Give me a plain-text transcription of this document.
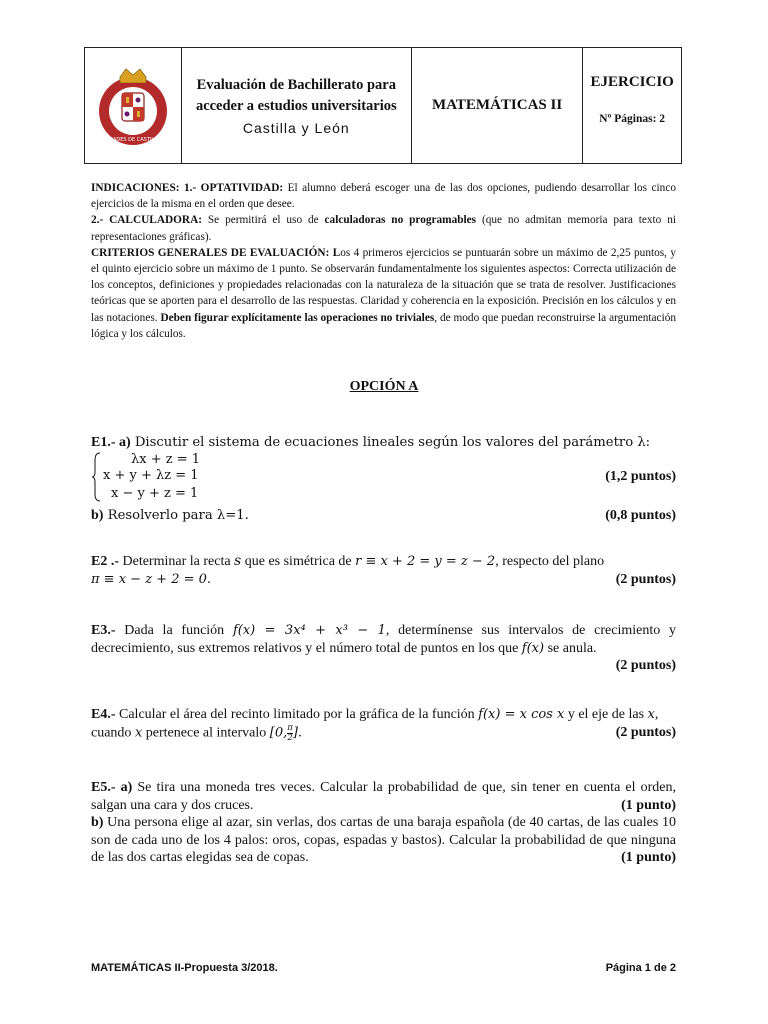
UNIVERSIDADES DE CASTILLA Y LEÓN
Evaluación de Bachillerato para
acceder a estudios universitarios
Castilla y León
MATEMÁTICAS II
EJERCICIO
Nº Páginas: 2

INDICACIONES: 1.- OPTATIVIDAD: El alumno deberá escoger una de las dos opciones, pudiendo desarrollar los cinco ejercicios de la misma en el orden que desee.

2.- CALCULADORA: Se permitirá el uso de calculadoras no programables (que no admitan memoria para texto ni representaciones gráficas).

CRITERIOS GENERALES DE EVALUACIÓN: Los 4 primeros ejercicios se puntuarán sobre un máximo de 2,25 puntos, y el quinto ejercicio sobre un máximo de 1 punto. Se observarán fundamentalmente los siguientes aspectos: Correcta utilización de los conceptos, definiciones y propiedades relacionadas con la naturaleza de la situación que se trata de resolver. Justificaciones teóricas que se aporten para el desarrollo de las respuestas. Claridad y coherencia en la exposición. Precisión en los cálculos y en las notaciones. Deben figurar explícitamente las operaciones no triviales, de modo que puedan reconstruirse la argumentación lógica y los cálculos.

OPCIÓN A
E1.- a) Discutir el sistema de ecuaciones lineales según los valores del parámetro λ:
λx + z = 1
x + y + λz = 1	(1,2 puntos)
x − y + z = 1
b) Resolverlo para λ=1.	(0,8 puntos)
E2 .- Determinar la recta s que es simétrica de r ≡ x + 2 = y = z − 2, respecto del plano
π ≡ x − z + 2 = 0.	(2 puntos)
E3.- Dada la función f(x) = 3x⁴ + x³ − 1, determínense sus intervalos de crecimiento y decrecimiento, sus extremos relativos y el número total de puntos en los que f(x) se anula.
(2 puntos)
E4.- Calcular el área del recinto limitado por la gráfica de la función f(x) = x cos x y el eje de las x, cuando x pertenece al intervalo [0, $\frac{\pi}{2}$ ].	(2 puntos)
E5.- a) Se tira una moneda tres veces. Calcular la probabilidad de que, sin tener en cuenta el orden, salgan una cara y dos cruces.	(1 punto)
b) Una persona elige al azar, sin verlas, dos cartas de una baraja española (de 40 cartas, de las cuales 10 son de cada uno de los 4 palos: oros, copas, espadas y bastos). Calcular la probabilidad de que ninguna de las dos cartas elegidas sea de copas.	(1 punto)
MATEMÁTICAS II-Propuesta 3/2018.	Página 1 de 2
